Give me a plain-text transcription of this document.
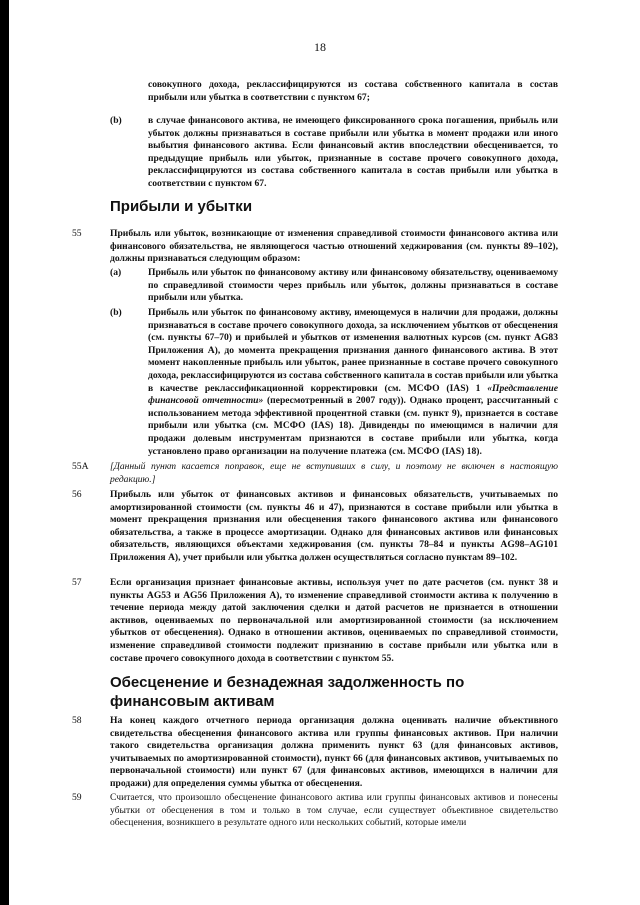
18
совокупного дохода, реклассифицируются из состава собственного капитала в состав прибыли или убытка в соответствии с пунктом 67;
(b)	в случае финансового актива, не имеющего фиксированного срока погашения, прибыль или убыток должны признаваться в составе прибыли или убытка в момент продажи или иного выбытия финансового актива. Если финансовый актив впоследствии обесценивается, то предыдущие прибыль или убыток, признанные в составе прочего совокупного дохода, реклассифицируются из состава собственного капитала в состав прибыли или убытка в соответствии с пунктом 67.
Прибыли и убытки
55	Прибыль или убыток, возникающие от изменения справедливой стоимости финансового актива или финансового обязательства, не являющегося частью отношений хеджирования (см. пункты 89–102), должны признаваться следующим образом:
(a)	Прибыль или убыток по финансовому активу или финансовому обязательству, оцениваемому по справедливой стоимости через прибыль или убыток, должны признаваться в составе прибыли или убытка.
(b)	Прибыль или убыток по финансовому активу, имеющемуся в наличии для продажи, должны признаваться в составе прочего совокупного дохода, за исключением убытков от обесценения (см. пункты 67–70) и прибылей и убытков от изменения валютных курсов (см. пункт AG83 Приложения А), до момента прекращения признания данного финансового актива. В этот момент накопленные прибыль или убыток, ранее признанные в составе прочего совокупного дохода, реклассифицируются из состава собственного капитала в состав прибыли или убытка в качестве реклассификационной корректировки (см. МСФО (IAS) 1 «Представление финансовой отчетности» (пересмотренный в 2007 году)). Однако процент, рассчитанный с использованием метода эффективной процентной ставки (см. пункт 9), признается в составе прибыли или убытка (см. МСФО (IAS) 18). Дивиденды по имеющимся в наличии для продажи долевым инструментам признаются в составе прибыли или убытка, когда установлено право организации на получение платежа (см. МСФО (IAS) 18).
55A [Данный пункт касается поправок, еще не вступивших в силу, и поэтому не включен в настоящую редакцию.]
56	Прибыль или убыток от финансовых активов и финансовых обязательств, учитываемых по амортизированной стоимости (см. пункты 46 и 47), признаются в составе прибыли или убытка в момент прекращения признания или обесценения такого финансового актива или финансового обязательства, а также в процессе амортизации. Однако для финансовых активов или финансовых обязательств, являющихся объектами хеджирования (см. пункты 78–84 и пункты AG98–AG101 Приложения А), учет прибыли или убытка должен осуществляться согласно пунктам 89–102.
57	Если организация признает финансовые активы, используя учет по дате расчетов (см. пункт 38 и пункты AG53 и AG56 Приложения А), то изменение справедливой стоимости актива к получению в течение периода между датой заключения сделки и датой расчетов не признается в отношении активов, оцениваемых по первоначальной или амортизированной стоимости (за исключением убытков от обесценения). Однако в отношении активов, оцениваемых по справедливой стоимости, изменение справедливой стоимости подлежит признанию в составе прибыли или убытка или в составе прочего совокупного дохода в соответствии с пунктом 55.
Обесценение и безнадежная задолженность по финансовым активам
58	На конец каждого отчетного периода организация должна оценивать наличие объективного свидетельства обесценения финансового актива или группы финансовых активов. При наличии такого свидетельства организация должна применить пункт 63 (для финансовых активов, учитываемых по амортизированной стоимости), пункт 66 (для финансовых активов, учитываемых по первоначальной стоимости) или пункт 67 (для финансовых активов, имеющихся в наличии для продажи) для определения суммы убытка от обесценения.
59	Считается, что произошло обесценение финансового актива или группы финансовых активов и понесены убытки от обесценения в том и только в том случае, если существует объективное свидетельство обесценения, возникшего в результате одного или нескольких событий, которые имели
